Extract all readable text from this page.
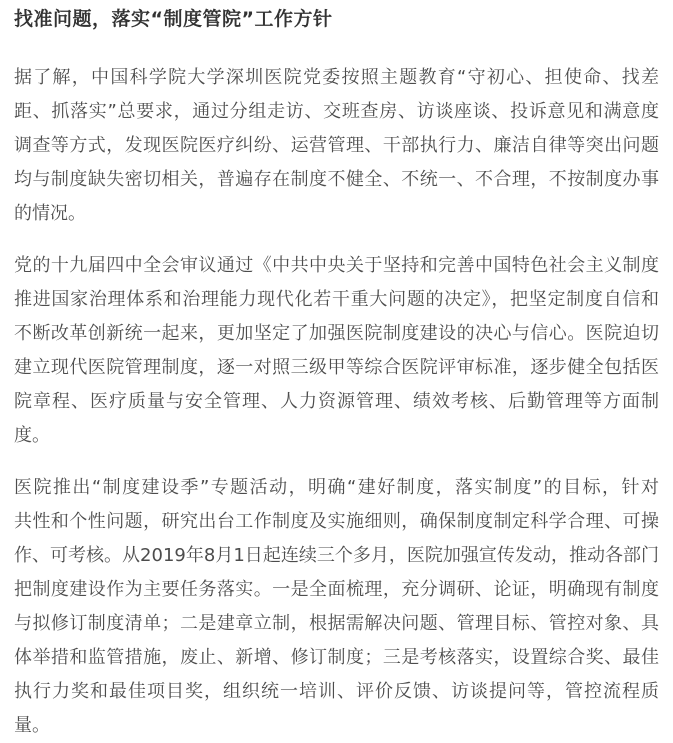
找准问题，落实“制度管院”工作方针
据了解，中国科学院大学深圳医院党委按照主题教育“守初心、担使命、找差
距、抓落实”总要求，通过分组走访、交班查房、访谈座谈、投诉意见和满意度
调查等方式，发现医院医疗纠纷、运营管理、干部执行力、廉洁自律等突出问题
均与制度缺失密切相关，普遍存在制度不健全、不统一、不合理，不按制度办事
的情况。
党的十九届四中全会审议通过《中共中央关于坚持和完善中国特色社会主义制度
推进国家治理体系和治理能力现代化若干重大问题的决定》，把坚定制度自信和
不断改革创新统一起来，更加坚定了加强医院制度建设的决心与信心。医院迫切
建立现代医院管理制度，逐一对照三级甲等综合医院评审标准，逐步健全包括医
院章程、医疗质量与安全管理、人力资源管理、绩效考核、后勤管理等方面制
度。
医院推出“制度建设季”专题活动，明确“建好制度，落实制度”的目标，针对
共性和个性问题，研究出台工作制度及实施细则，确保制度制定科学合理、可操
作、可考核。从2019年8月1日起连续三个多月，医院加强宣传发动，推动各部门
把制度建设作为主要任务落实。一是全面梳理，充分调研、论证，明确现有制度
与拟修订制度清单；二是建章立制，根据需解决问题、管理目标、管控对象、具
体举措和监管措施，废止、新增、修订制度；三是考核落实，设置综合奖、最佳
执行力奖和最佳项目奖，组织统一培训、评价反馈、访谈提问等，管控流程质
量。
